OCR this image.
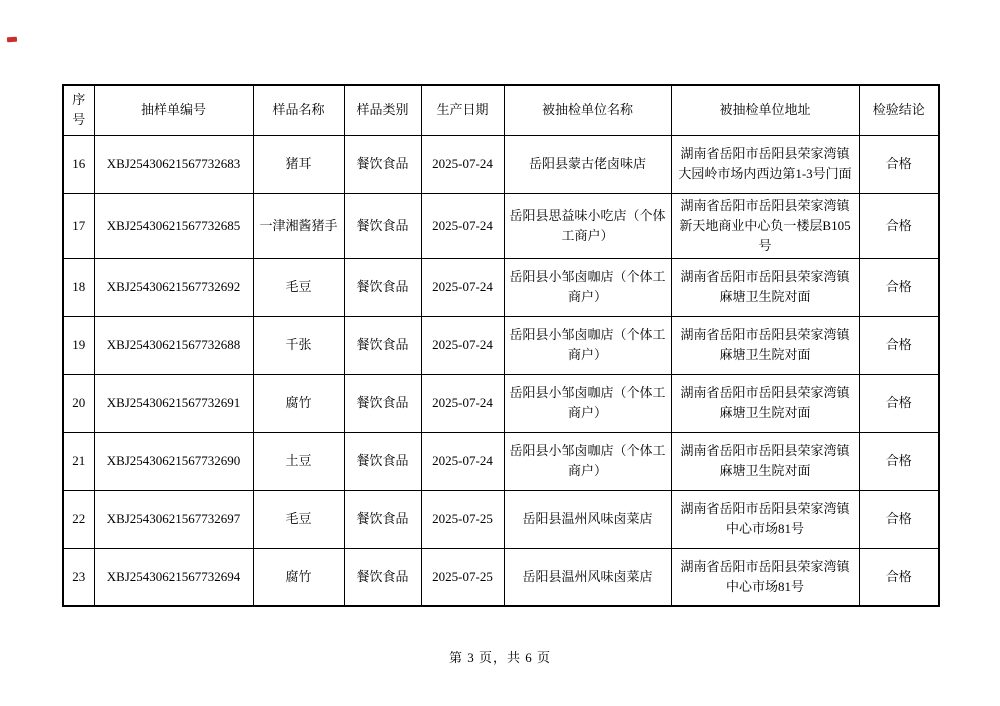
序号	抽样单编号	样品名称	样品类别	生产日期	被抽检单位名称	被抽检单位地址	检验结论
16	XBJ25430621567732683	猪耳	餐饮食品	2025-07-24	岳阳县蒙古佬卤味店	湖南省岳阳市岳阳县荣家湾镇大园岭市场内西边第1-3号门面	合格
17	XBJ25430621567732685	一津湘酱猪手	餐饮食品	2025-07-24	岳阳县思益味小吃店（个体工商户）	湖南省岳阳市岳阳县荣家湾镇新天地商业中心负一楼层B105号	合格
18	XBJ25430621567732692	毛豆	餐饮食品	2025-07-24	岳阳县小邹卤咖店（个体工商户）	湖南省岳阳市岳阳县荣家湾镇麻塘卫生院对面	合格
19	XBJ25430621567732688	千张	餐饮食品	2025-07-24	岳阳县小邹卤咖店（个体工商户）	湖南省岳阳市岳阳县荣家湾镇麻塘卫生院对面	合格
20	XBJ25430621567732691	腐竹	餐饮食品	2025-07-24	岳阳县小邹卤咖店（个体工商户）	湖南省岳阳市岳阳县荣家湾镇麻塘卫生院对面	合格
21	XBJ25430621567732690	土豆	餐饮食品	2025-07-24	岳阳县小邹卤咖店（个体工商户）	湖南省岳阳市岳阳县荣家湾镇麻塘卫生院对面	合格
22	XBJ25430621567732697	毛豆	餐饮食品	2025-07-25	岳阳县温州风味卤菜店	湖南省岳阳市岳阳县荣家湾镇中心市场81号	合格
23	XBJ25430621567732694	腐竹	餐饮食品	2025-07-25	岳阳县温州风味卤菜店	湖南省岳阳市岳阳县荣家湾镇中心市场81号	合格
第 3 页，共 6 页
